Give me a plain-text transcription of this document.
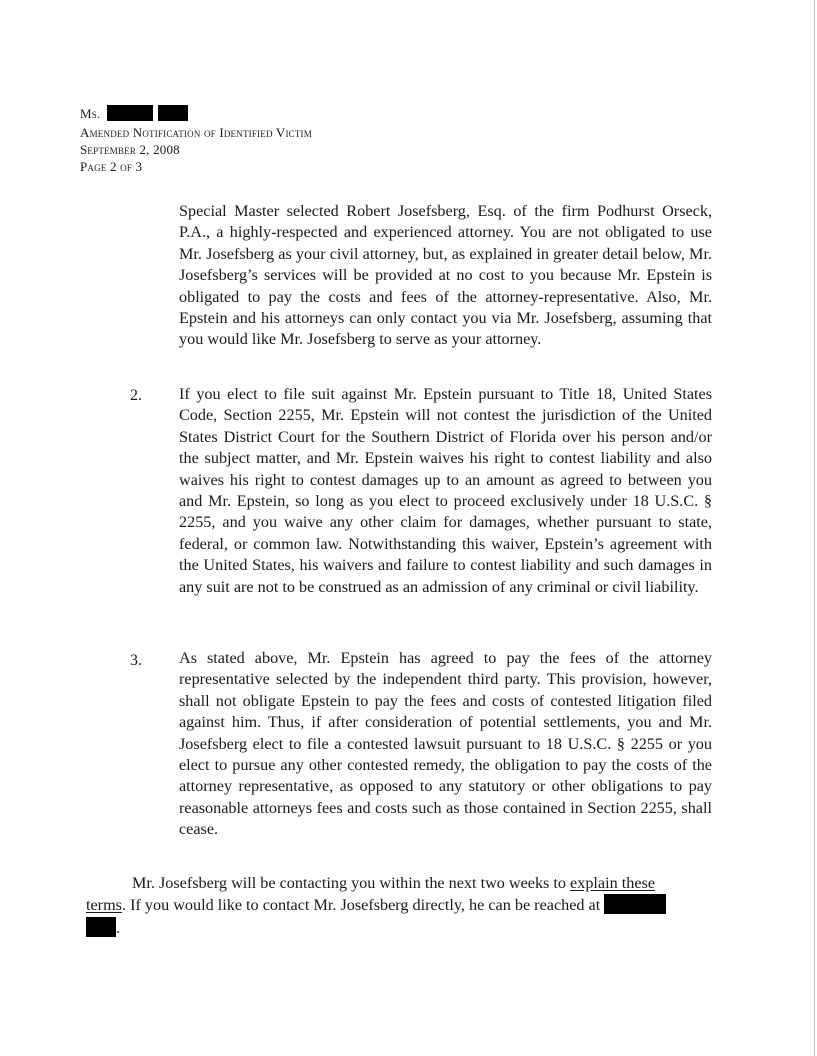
Ms.
Amended Notification of Identified Victim
September 2, 2008
Page 2 of 3
Special Master selected Robert Josefsberg, Esq. of the firm Podhurst Orseck, P.A., a highly-respected and experienced attorney. You are not obligated to use Mr. Josefsberg as your civil attorney, but, as explained in greater detail below, Mr. Josefsberg’s services will be provided at no cost to you because Mr. Epstein is obligated to pay the costs and fees of the attorney-representative. Also, Mr. Epstein and his attorneys can only contact you via Mr. Josefsberg, assuming that you would like Mr. Josefsberg to serve as your attorney.
2. If you elect to file suit against Mr. Epstein pursuant to Title 18, United States Code, Section 2255, Mr. Epstein will not contest the jurisdiction of the United States District Court for the Southern District of Florida over his person and/or the subject matter, and Mr. Epstein waives his right to contest liability and also waives his right to contest damages up to an amount as agreed to between you and Mr. Epstein, so long as you elect to proceed exclusively under 18 U.S.C. § 2255, and you waive any other claim for damages, whether pursuant to state, federal, or common law. Notwithstanding this waiver, Epstein’s agreement with the United States, his waivers and failure to contest liability and such damages in any suit are not to be construed as an admission of any criminal or civil liability.
3. As stated above, Mr. Epstein has agreed to pay the fees of the attorney representative selected by the independent third party. This provision, however, shall not obligate Epstein to pay the fees and costs of contested litigation filed against him. Thus, if after consideration of potential settlements, you and Mr. Josefsberg elect to file a contested lawsuit pursuant to 18 U.S.C. § 2255 or you elect to pursue any other contested remedy, the obligation to pay the costs of the attorney representative, as opposed to any statutory or other obligations to pay reasonable attorneys fees and costs such as those contained in Section 2255, shall cease.
Mr. Josefsberg will be contacting you within the next two weeks to explain these
terms. If you would like to contact Mr. Josefsberg directly, he can be reached at
.
